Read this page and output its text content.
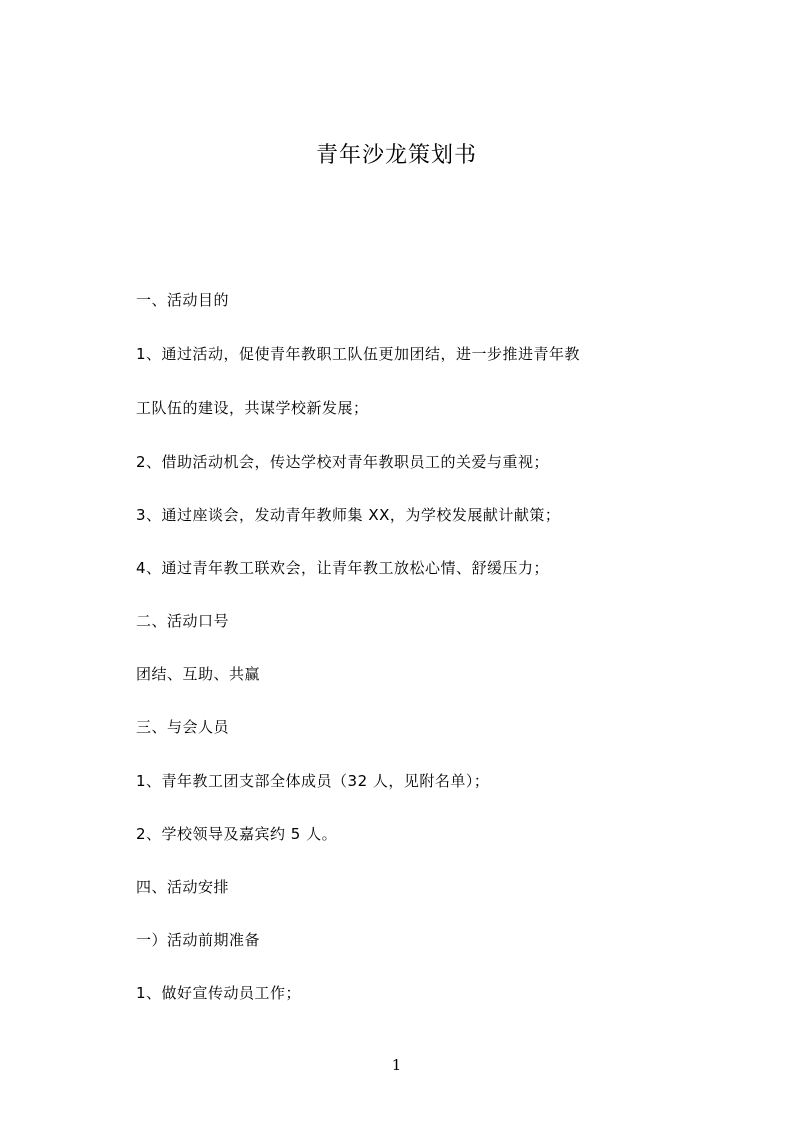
青年沙龙策划书
一、活动目的
1、通过活动，促使青年教职工队伍更加团结，进一步推进青年教
工队伍的建设，共谋学校新发展；
2、借助活动机会，传达学校对青年教职员工的关爱与重视；
3、通过座谈会，发动青年教师集 XX，为学校发展献计献策；
4、通过青年教工联欢会，让青年教工放松心情、舒缓压力；
二、活动口号
团结、互助、共赢
三、与会人员
1、青年教工团支部全体成员（32 人，见附名单）；
2、学校领导及嘉宾约 5 人。
四、活动安排
一）活动前期准备
1、做好宣传动员工作；
1
